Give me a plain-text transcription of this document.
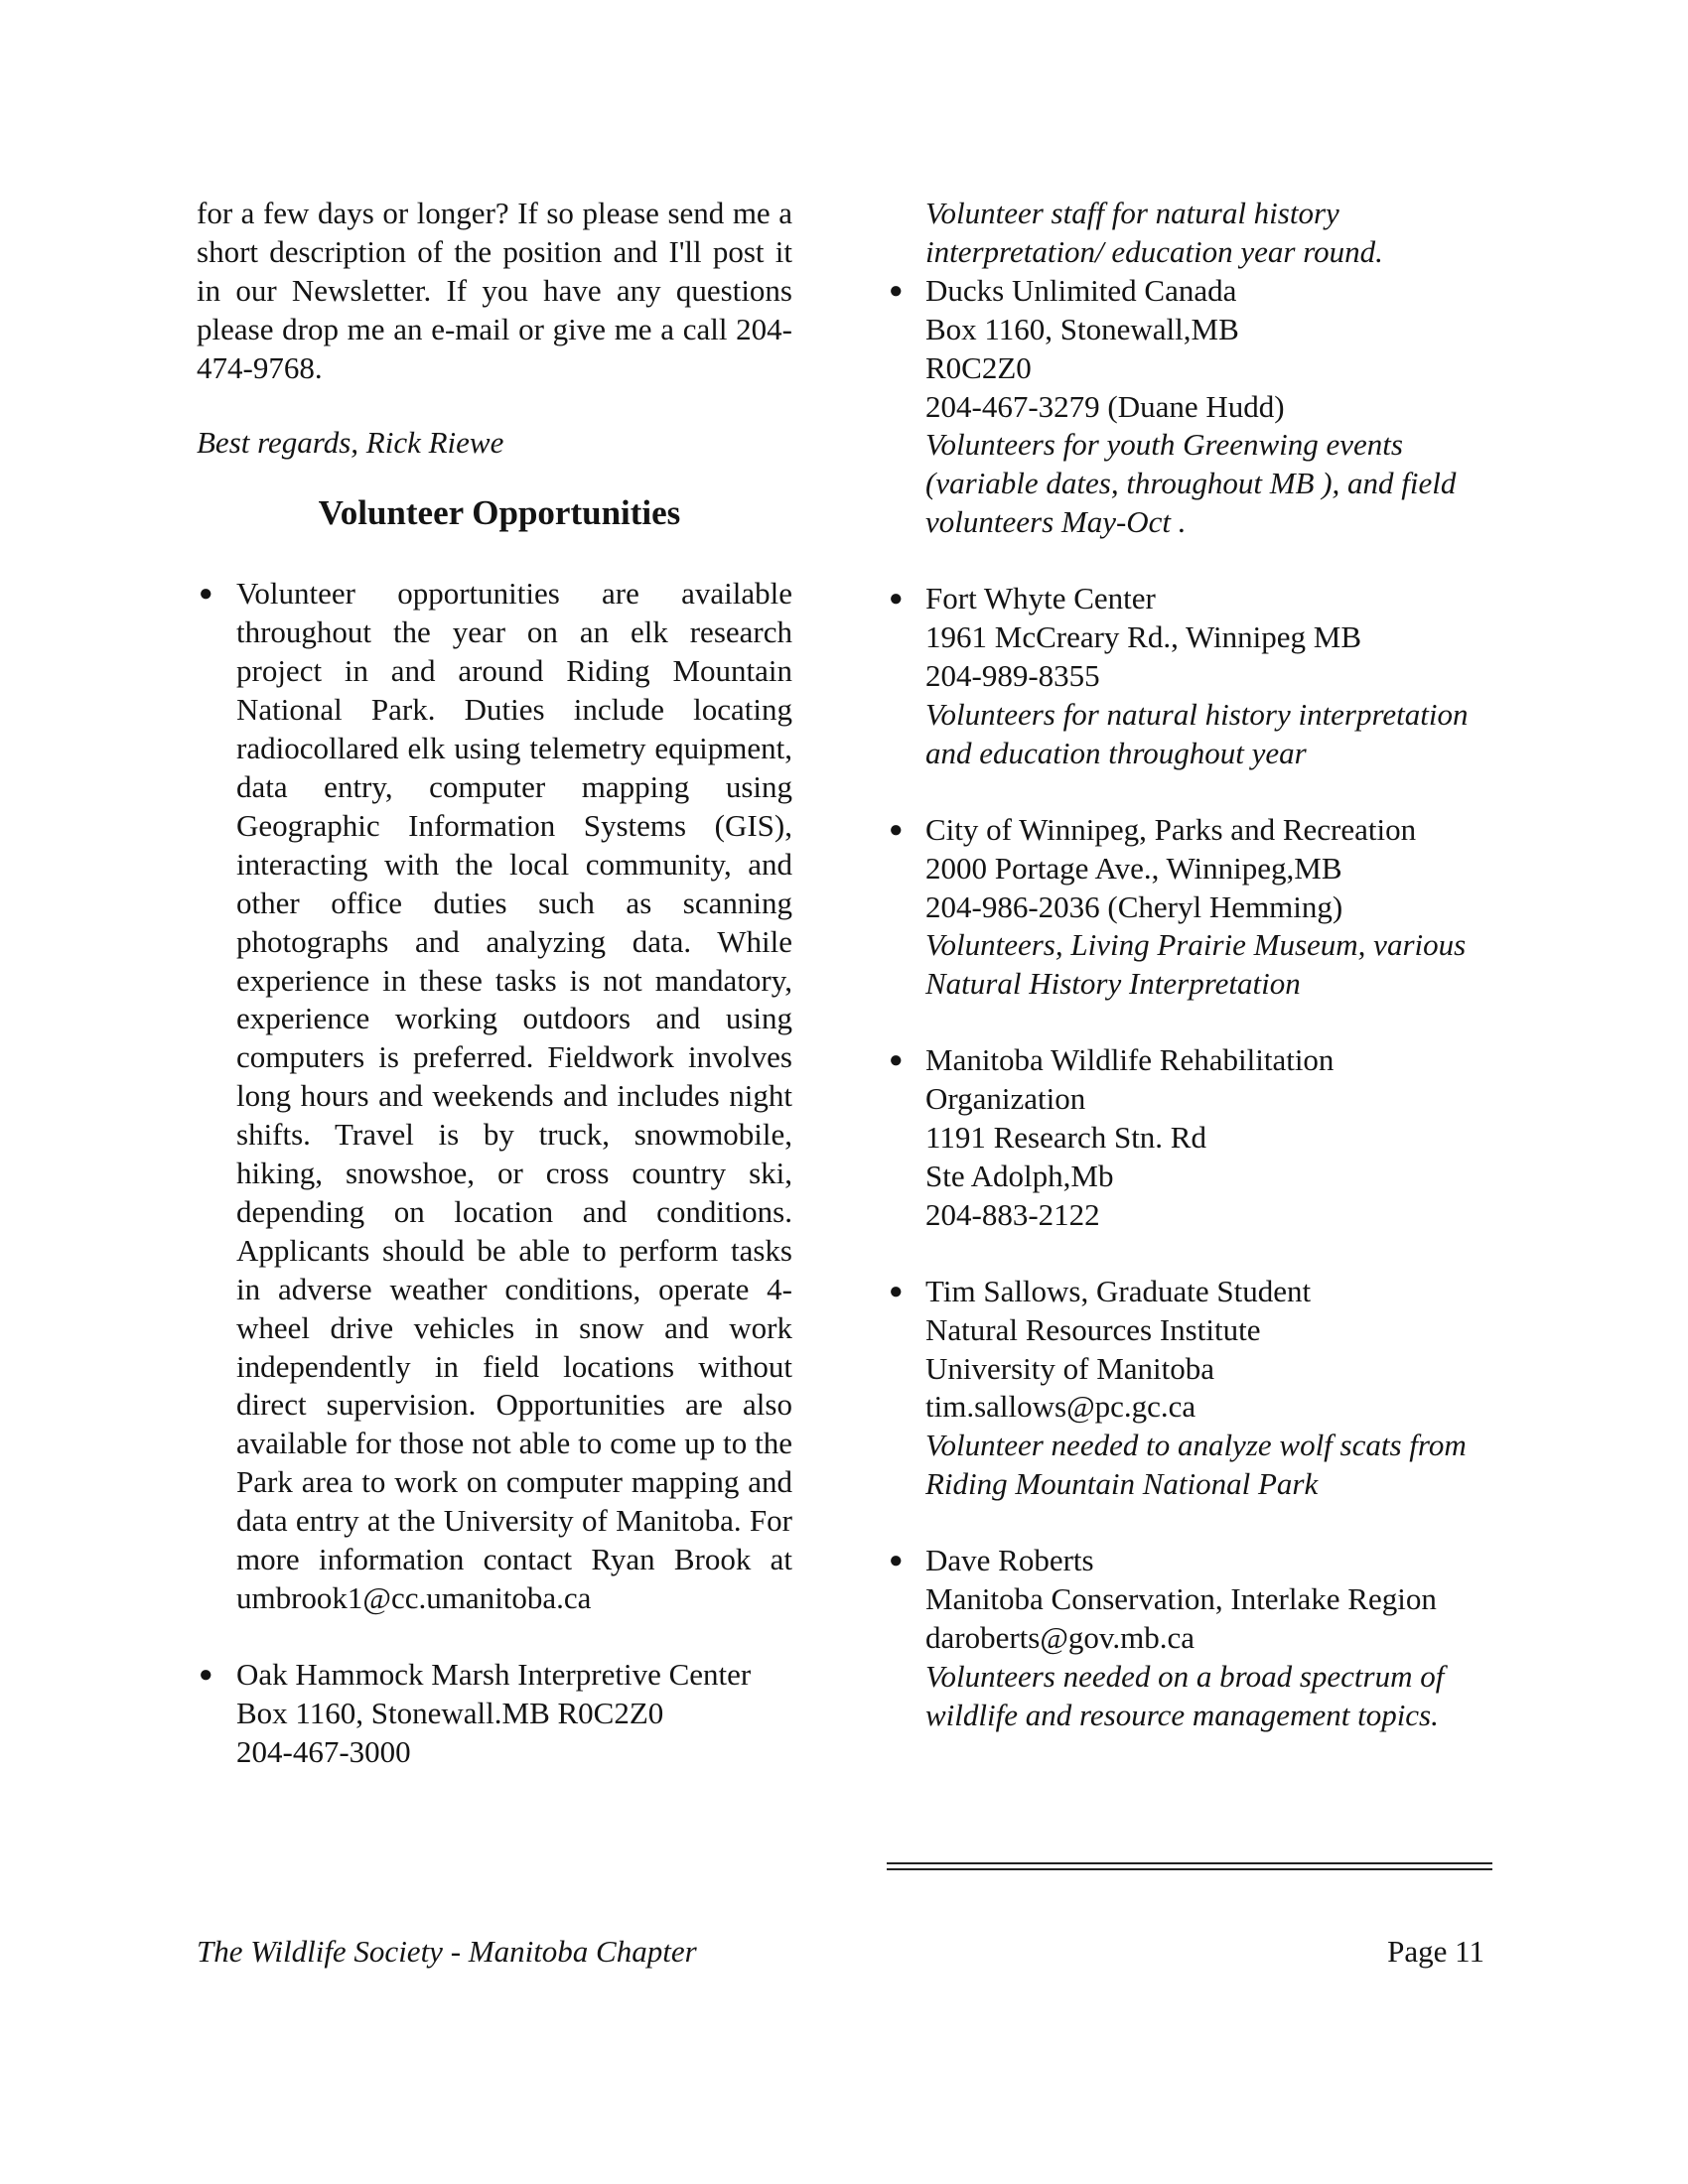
for a few days or longer? If so please send me a short description of the position and I'll post it in our Newsletter. If you have any questions please drop me an e-mail or give me a call 204-474-9768.

Best regards, Rick Riewe

Volunteer Opportunities
● Volunteer opportunities are available throughout the year on an elk research project in and around Riding Mountain National Park. Duties include locating radiocollared elk using telemetry equipment, data entry, computer mapping using Geographic Information Systems (GIS), interacting with the local community, and other office duties such as scanning photographs and analyzing data. While experience in these tasks is not mandatory, experience working outdoors and using computers is preferred. Fieldwork involves long hours and weekends and includes night shifts. Travel is by truck, snowmobile, hiking, snowshoe, or cross country ski, depending on location and conditions. Applicants should be able to perform tasks in adverse weather conditions, operate 4-wheel drive vehicles in snow and work independently in field locations without direct supervision. Opportunities are also available for those not able to come up to the Park area to work on computer mapping and data entry at the University of Manitoba. For more information contact Ryan Brook at umbrook1@cc.umanitoba.ca
● Oak Hammock Marsh Interpretive Center
Box 1160, Stonewall.MB R0C2Z0
204-467-3000
Volunteer staff for natural history interpretation/ education year round.
● Ducks Unlimited Canada
Box 1160, Stonewall,MB
R0C2Z0
204-467-3279 (Duane Hudd)
Volunteers for youth Greenwing events (variable dates, throughout MB ), and field volunteers May-Oct .
● Fort Whyte Center
1961 McCreary Rd., Winnipeg MB
204-989-8355
Volunteers for natural history interpretation and education throughout year
● City of Winnipeg, Parks and Recreation
2000 Portage Ave., Winnipeg,MB
204-986-2036 (Cheryl Hemming)
Volunteers, Living Prairie Museum, various Natural History Interpretation
● Manitoba Wildlife Rehabilitation Organization
1191 Research Stn. Rd
Ste Adolph,Mb
204-883-2122
● Tim Sallows, Graduate Student
Natural Resources Institute
University of Manitoba
tim.sallows@pc.gc.ca
Volunteer needed to analyze wolf scats from Riding Mountain National Park
● Dave Roberts
Manitoba Conservation, Interlake Region
daroberts@gov.mb.ca
Volunteers needed on a broad spectrum of wildlife and resource management topics.
The Wildlife Society - Manitoba Chapter	Page 11
